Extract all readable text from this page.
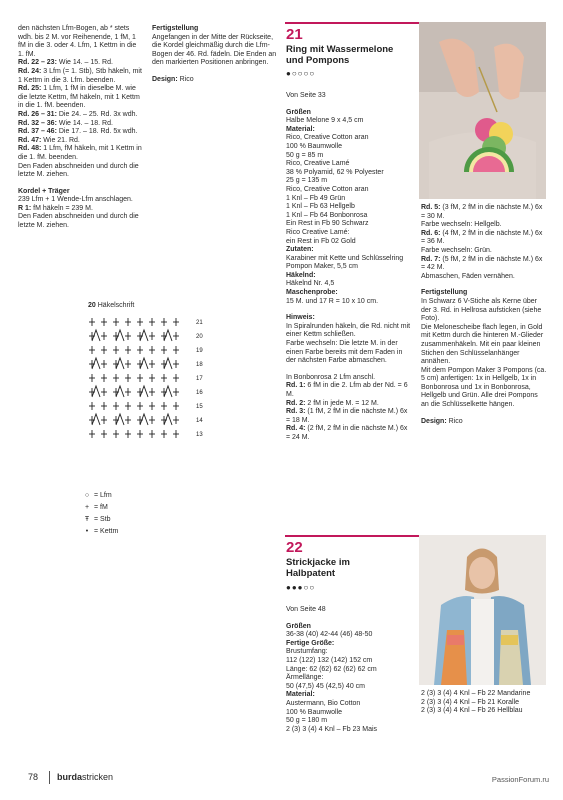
den nächsten Lfm-Bogen, ab * stets wdh. bis 2 M. vor Reihenende, 1 fM, 1 fM in die 3. oder 4. Lfm, 1 Kettm in die 1. fM.

Rd. 22 – 23: Wie 14. – 15. Rd.

Rd. 24: 3 Lfm (= 1. Stb), Stb häkeln, mit 1 Kettm in die 3. Lfm. beenden.

Rd. 25: 1 Lfm, 1 fM in dieselbe M. wie die letzte Kettm, fM häkeln, mit 1 Kettm in die 1. fM. beenden.

Rd. 26 – 31: Die 24. – 25. Rd. 3x wdh.

Rd. 32 – 36: Wie 14. – 18. Rd.

Rd. 37 – 46: Die 17. – 18. Rd. 5x wdh.

Rd. 47: Wie 21. Rd.

Rd. 48: 1 Lfm, fM häkeln, mit 1 Kettm in die 1. fM. beenden.

Den Faden abschneiden und durch die letzte M. ziehen.

Kordel + Träger

239 Lfm + 1 Wende-Lfm anschlagen.

R 1: fM häkeln = 239 M.

Den Faden abschneiden und durch die letzte M. ziehen.

Fertigstellung

Angefangen in der Mitte der Rückseite, die Kordel gleichmäßig durch die Lfm-Bogen der 46. Rd. fädeln. Die Enden an den markierten Positionen anbringen.

Design: Rico

20 Häkelschrift
21
20
19
18
17
16
15
14
13
○ = Lfm
+ = fM
Ŧ = Stb
• = Kettm
21
Ring mit Wassermelone
und Pompons
●○○○○

Von Seite 33

Größen

Halbe Melone 9 x 4,5 cm

Material:

Rico, Creative Cotton aran

100 % Baumwolle

50 g = 85 m

Rico, Creative Lamé

38 % Polyamid, 62 % Polyester

25 g = 135 m

Rico, Creative Cotton aran

1 Knl – Fb 49 Grün

1 Knl – Fb 63 Hellgelb

1 Knl – Fb 64 Bonbonrosa

Ein Rest in Fb 90 Schwarz

Rico Creative Lamé:

ein Rest in Fb 02 Gold

Zutaten:

Karabiner mit Kette und Schlüsselring

Pompon Maker, 5,5 cm

Häkelnd:

Häkelnd Nr. 4,5

Maschenprobe:

15 M. und 17 R = 10 x 10 cm.

Hinweis:

In Spiralrunden häkeln, die Rd. nicht mit einer Kettm schließen.

Farbe wechseln: Die letzte M. in der einen Farbe bereits mit dem Faden in der nächsten Farbe abmaschen.

In Bonbonrosa 2 Lfm anschl.

Rd. 1: 6 fM in die 2. Lfm ab der Nd. = 6 M.

Rd. 2: 2 fM in jede M. = 12 M.

Rd. 3: (1 fM, 2 fM in die nächste M.) 6x = 18 M.

Rd. 4: (2 fM, 2 fM in die nächste M.) 6x = 24 M.

Rd. 5: (3 fM, 2 fM in die nächste M.) 6x = 30 M.

Farbe wechseln: Hellgelb.

Rd. 6: (4 fM, 2 fM in die nächste M.) 6x = 36 M.

Farbe wechseln: Grün.

Rd. 7: (5 fM, 2 fM in die nächste M.) 6x = 42 M.

Abmaschen, Fäden vernähen.

Fertigstellung

In Schwarz 6 V-Stiche als Kerne über der 3. Rd. in Hellrosa aufsticken (siehe Foto).

Die Melonescheibe flach legen, in Gold mit Kettm durch die hinteren M.-Glieder zusammenhäkeln. Mit ein paar kleinen Stichen den Schlüsselanhänger annähen.

Mit dem Pompon Maker 3 Pompons (ca. 5 cm) anfertigen: 1x in Hellgelb, 1x in Bonbonrosa und 1x in Bonbonrosa, Hellgelb und Grün. Alle drei Pompons an die Schlüsselkette hängen.

Design: Rico

22
Strickjacke im
Halbpatent
●●●○○

Von Seite 48

Größen

36-38 (40) 42-44 (46) 48-50

Fertige Größe:

Brustumfang:

112 (122) 132 (142) 152 cm

Länge: 62 (62) 62 (62) 62 cm

Ärmellänge:

50 (47,5) 45 (42,5) 40 cm

Material:

Austermann, Bio Cotton

100 % Baumwolle

50 g = 180 m

2 (3) 3 (4) 4 Knl – Fb 23 Mais

2 (3) 3 (4) 4 Knl – Fb 22 Mandarine

2 (3) 3 (4) 4 Knl – Fb 21 Koralle

2 (3) 3 (4) 4 Knl – Fb 26 Hellblau

78 burdastricken	PassionForum.ru
